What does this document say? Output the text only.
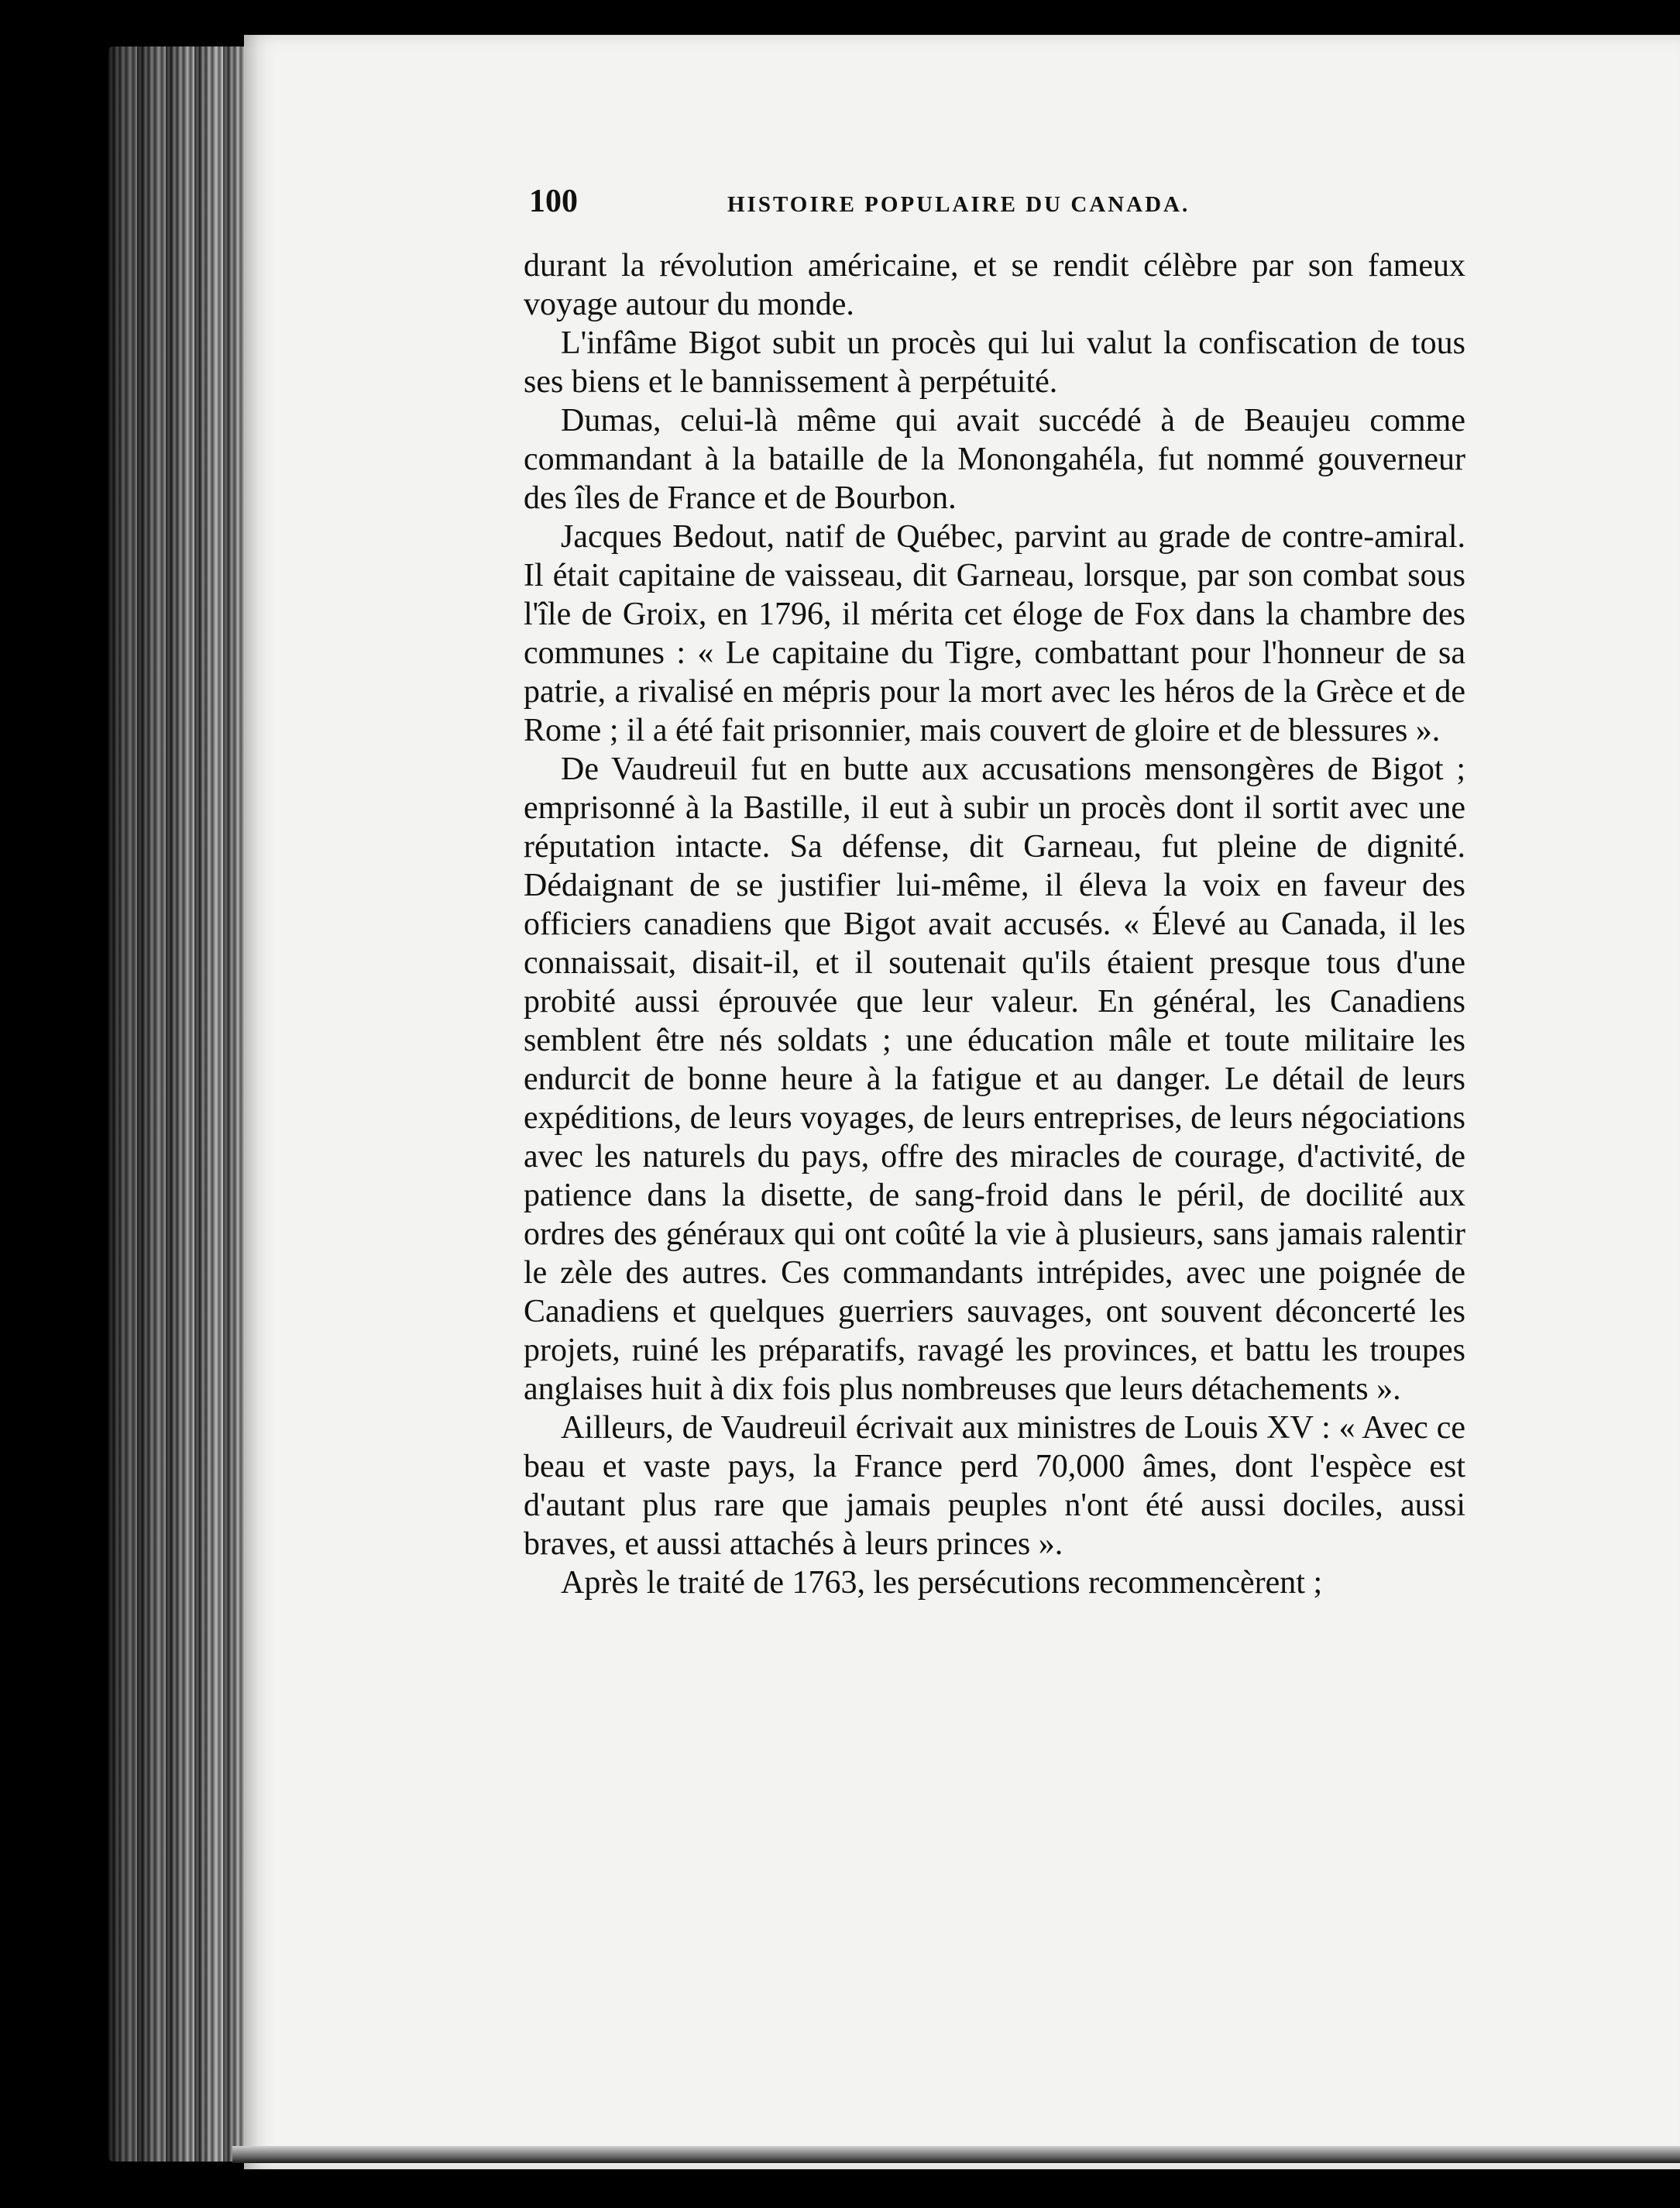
100	HISTOIRE POPULAIRE DU CANADA.

durant la révolution américaine, et se rendit célèbre par son fameux voyage autour du monde.

L'infâme Bigot subit un procès qui lui valut la confiscation de tous ses biens et le bannissement à perpétuité.

Dumas, celui-là même qui avait succédé à de Beaujeu comme commandant à la bataille de la Monongahéla, fut nommé gouverneur des îles de France et de Bourbon.

Jacques Bedout, natif de Québec, parvint au grade de contre-amiral. Il était capitaine de vaisseau, dit Garneau, lorsque, par son combat sous l'île de Groix, en 1796, il mérita cet éloge de Fox dans la chambre des communes : « Le capitaine du Tigre, combattant pour l'honneur de sa patrie, a rivalisé en mépris pour la mort avec les héros de la Grèce et de Rome ; il a été fait prisonnier, mais couvert de gloire et de blessures ».

De Vaudreuil fut en butte aux accusations mensongères de Bigot ; emprisonné à la Bastille, il eut à subir un procès dont il sortit avec une réputation intacte. Sa défense, dit Garneau, fut pleine de dignité. Dédaignant de se justifier lui-même, il éleva la voix en faveur des officiers canadiens que Bigot avait accusés. « Élevé au Canada, il les connaissait, disait-il, et il soutenait qu'ils étaient presque tous d'une probité aussi éprouvée que leur valeur. En général, les Canadiens semblent être nés soldats ; une éducation mâle et toute militaire les endurcit de bonne heure à la fatigue et au danger. Le détail de leurs expéditions, de leurs voyages, de leurs entreprises, de leurs négociations avec les naturels du pays, offre des miracles de courage, d'activité, de patience dans la disette, de sang-froid dans le péril, de docilité aux ordres des généraux qui ont coûté la vie à plusieurs, sans jamais ralentir le zèle des autres. Ces commandants intrépides, avec une poignée de Canadiens et quelques guerriers sauvages, ont souvent déconcerté les projets, ruiné les préparatifs, ravagé les provinces, et battu les troupes anglaises huit à dix fois plus nombreuses que leurs détachements ».

Ailleurs, de Vaudreuil écrivait aux ministres de Louis XV : « Avec ce beau et vaste pays, la France perd 70,000 âmes, dont l'espèce est d'autant plus rare que jamais peuples n'ont été aussi dociles, aussi braves, et aussi attachés à leurs princes ».

Après le traité de 1763, les persécutions recommencèrent ;
